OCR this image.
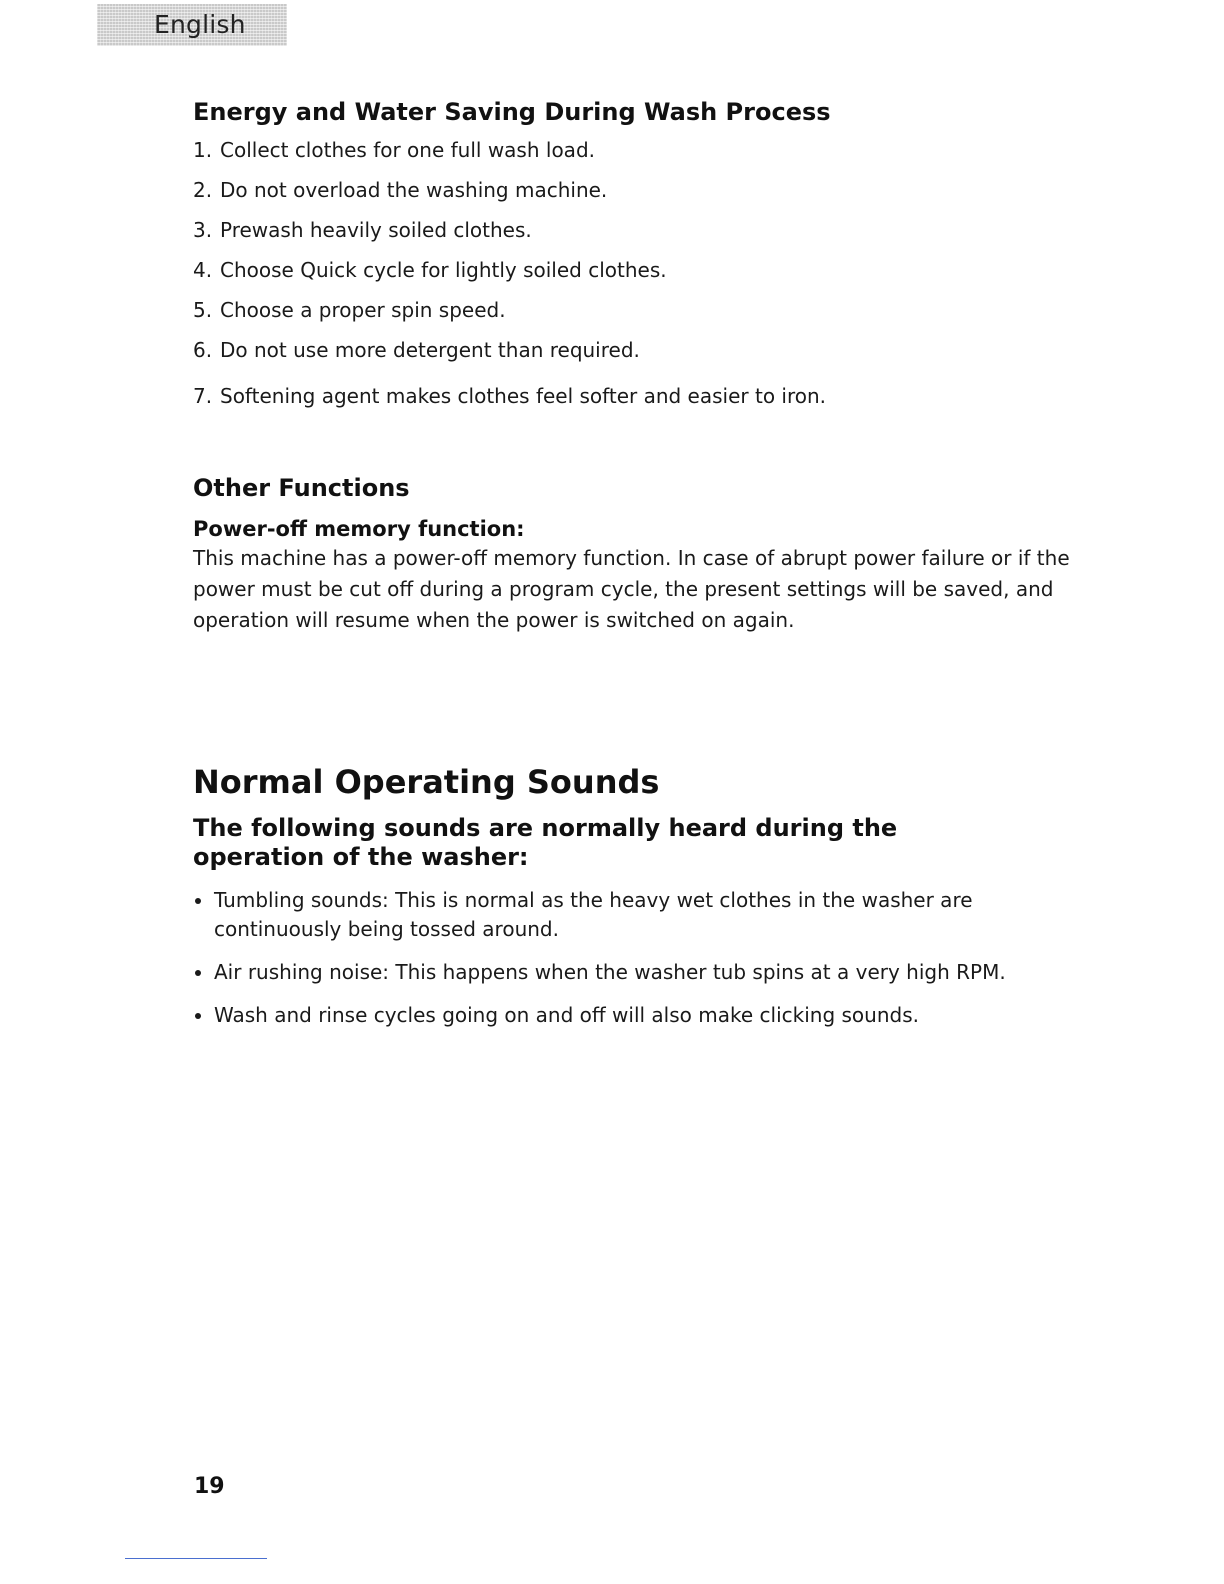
English
Energy and Water Saving During Wash Process
1. Collect clothes for one full wash load.
2. Do not overload the washing machine.
3. Prewash heavily soiled clothes.
4. Choose Quick cycle for lightly soiled clothes.
5. Choose a proper spin speed.
6. Do not use more detergent than required.
7. Softening agent makes clothes feel softer and easier to iron.
Other Functions
Power-off memory function:

This machine has a power-off memory function. In case of abrupt power failure or if the power must be cut off during a program cycle, the present settings will be saved, and operation will resume when the power is switched on again.

Normal Operating Sounds
The following sounds are normally heard during the
operation of the washer:
Tumbling sounds: This is normal as the heavy wet clothes in the washer are
continuously being tossed around.
Air rushing noise: This happens when the washer tub spins at a very high RPM.
Wash and rinse cycles going on and off will also make clicking sounds.
19
